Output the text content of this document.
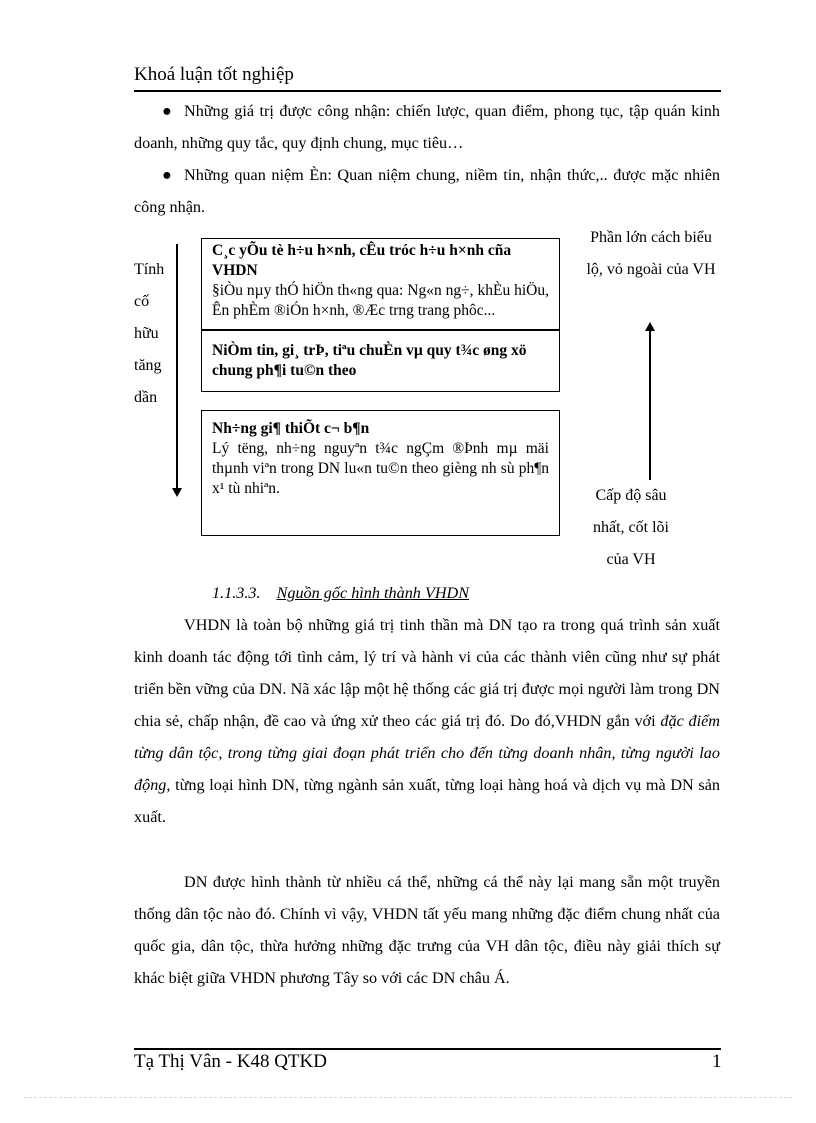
Khoá luận tốt nghiệp
● Những giá trị được công nhận: chiến lược, quan điểm, phong tục, tập quán kinh doanh, những quy tắc, quy định chung, mục tiêu…
● Những quan niệm Èn: Quan niệm chung, niềm tin, nhận thức,.. được mặc nhiên công nhận.
Phần lớn cách biểu lộ, vỏ ngoài của VH
Tính cố hữu tăng dần
C¸c yÕu tè h÷u h×nh, cÊu tróc h÷u h×nh cña VHDN
§iÒu nµy thÓ hiÖn th«ng qua: Ng«n ng÷, khÈu hiÖu, Ên phÈm ®iÓn h×nh, ®Æc trng trang phôc...
NiÒm tin, gi¸ trÞ, tiªu chuÈn vµ quy t¾c øng xö chung ph¶i tu©n theo
Nh÷ng gi¶ thiÕt c¬ b¶n
Lý tëng, nh÷ng nguyªn t¾c ngÇm ®Þnh mµ mäi thµnh viªn trong DN lu«n tu©n theo gièng nh sù ph¶n x¹ tù nhiªn.	Cấp độ sâu nhất, cốt lõi của VH
1.1.3.3. Nguồn gốc hình thành VHDN
VHDN là toàn bộ những giá trị tinh thần mà DN tạo ra trong quá trình sản xuất kinh doanh tác động tới tình cảm, lý trí và hành vi của các thành viên cũng như sự phát triển bền vững của DN. Nã xác lập một hệ thống các giá trị được mọi người làm trong DN chia sẻ, chấp nhận, đề cao và ứng xử theo các giá trị đó. Do đó,VHDN gắn với đặc điểm từng dân tộc, trong từng giai đoạn phát triển cho đến từng doanh nhân, từng người lao động, từng loại hình DN, từng ngành sản xuất, từng loại hàng hoá và dịch vụ mà DN sản xuất.
DN được hình thành từ nhiều cá thể, những cá thể này lại mang sẵn một truyền thống dân tộc nào đó. Chính vì vậy, VHDN tất yếu mang những đặc điểm chung nhất của quốc gia, dân tộc, thừa hưởng những đặc trưng của VH dân tộc, điều này giải thích sự khác biệt giữa VHDN phương Tây so với các DN châu Á.
Tạ Thị Vân - K48 QTKD	1
